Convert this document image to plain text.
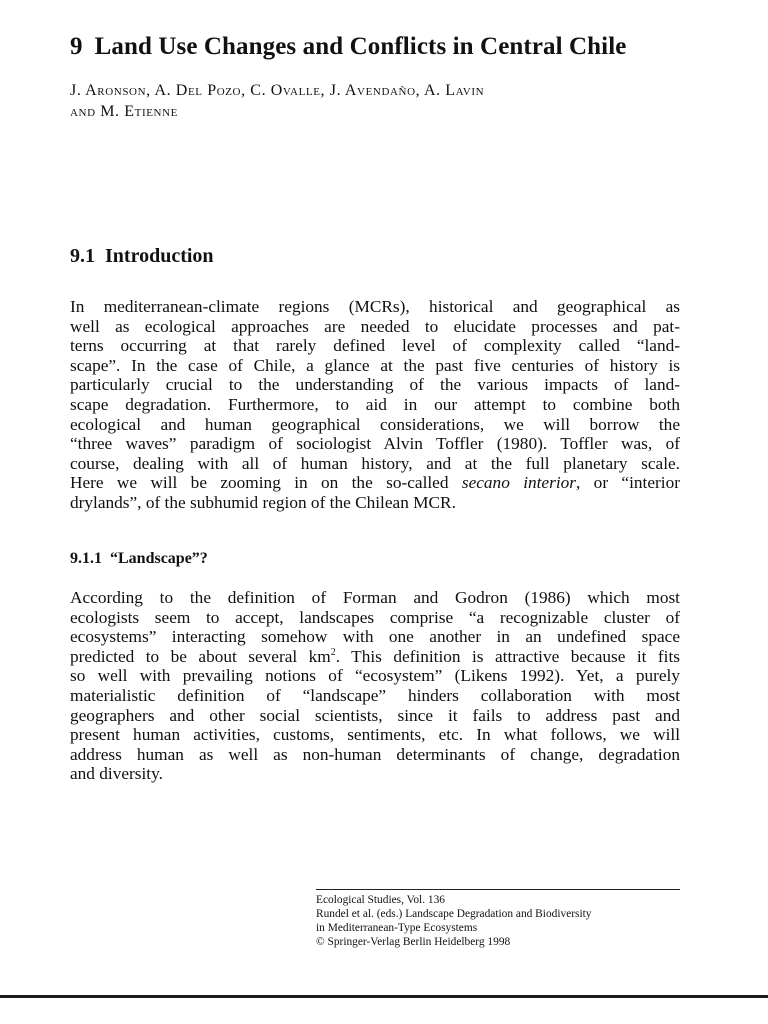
9 Land Use Changes and Conflicts in Central Chile
J. Aronson, A. Del Pozo, C. Ovalle, J. Avendaño, A. Lavin
and M. Etienne
9.1 Introduction

In mediterranean-climate regions (MCRs), historical and geographical as
well as ecological approaches are needed to elucidate processes and pat-
terns occurring at that rarely defined level of complexity called “land-
scape”. In the case of Chile, a glance at the past five centuries of history is
particularly crucial to the understanding of the various impacts of land-
scape degradation. Furthermore, to aid in our attempt to combine both
ecological and human geographical considerations, we will borrow the
“three waves” paradigm of sociologist Alvin Toffler (1980). Toffler was, of
course, dealing with all of human history, and at the full planetary scale.
Here we will be zooming in on the so-called secano interior, or “interior
drylands”, of the subhumid region of the Chilean MCR.

9.1.1 “Landscape”?

According to the definition of Forman and Godron (1986) which most
ecologists seem to accept, landscapes comprise “a recognizable cluster of
ecosystems” interacting somehow with one another in an undefined space
predicted to be about several $km^2$. This definition is attractive because it fits
so well with prevailing notions of “ecosystem” (Likens 1992). Yet, a purely
materialistic definition of “landscape” hinders collaboration with most
geographers and other social scientists, since it fails to address past and
present human activities, customs, sentiments, etc. In what follows, we will
address human as well as non-human determinants of change, degradation
and diversity.

Ecological Studies, Vol. 136
Rundel et al. (eds.) Landscape Degradation and Biodiversity
in Mediterranean-Type Ecosystems
© Springer-Verlag Berlin Heidelberg 1998
